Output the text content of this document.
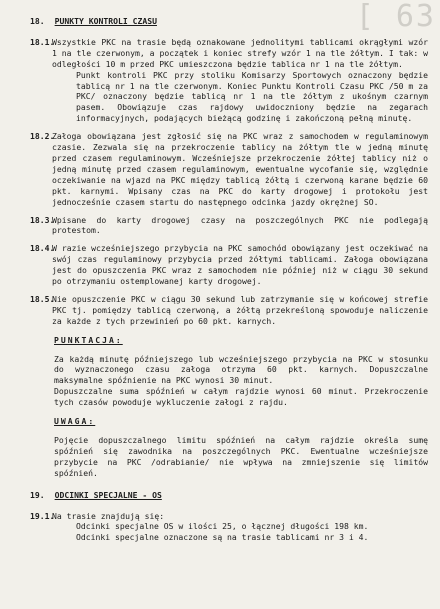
[ 63
18. PUNKTY KONTROLI CZASU
18.1.

Wszystkie PKC na trasie będą oznakowane jednolitymi tablicami okrągłymi wzór 1 na tle czerwonym, a początek i koniec strefy wzór 1 na tle żółtym. I tak: w odległości 10 m przed PKC umieszczona będzie tablica nr 1 na tle żółtym.

Punkt kontroli PKC przy stoliku Komisarzy Sportowych oznaczony będzie tablicą nr 1 na tle czerwonym. Koniec Punktu Kontroli Czasu PKC /50 m za PKC/ oznaczony będzie tablicą nr 1 na tle żółtym z ukośnym czarnym pasem. Obowiązuje czas rajdowy uwidoczniony będzie na zegarach informacyjnych, podających bieżącą godzinę i zakończoną pełną minutę.

18.2.

Załoga obowiązana jest zgłosić się na PKC wraz z samochodem w regulaminowym czasie. Zezwala się na przekroczenie tablicy na żółtym tle w jedną minutę przed czasem regulaminowym. Wcześniejsze przekroczenie żółtej tablicy niż o jedną minutę przed czasem regulaminowym, ewentualne wycofanie się, względnie oczekiwanie na wjazd na PKC między tablicą żółtą i czerwoną karane będzie 60 pkt. karnymi. Wpisany czas na PKC do karty drogowej i protokołu jest jednocześnie czasem startu do następnego odcinka jazdy okrężnej SO.

18.3.

Wpisane do karty drogowej czasy na poszczególnych PKC nie podlegają protestom.

18.4.

W razie wcześniejszego przybycia na PKC samochód obowiązany jest oczekiwać na swój czas regulaminowy przybycia przed żółtymi tablicami. Załoga obowiązana jest do opuszczenia PKC wraz z samochodem nie później niż w ciągu 30 sekund po otrzymaniu ostemplowanej karty drogowej.

18.5.

Nie opuszczenie PKC w ciągu 30 sekund lub zatrzymanie się w końcowej strefie PKC tj. pomiędzy tablicą czerwoną, a żółtą przekreśloną spowoduje naliczenie za każde z tych przewinień po 60 pkt. karnych.

PUNKTACJA:

Za każdą minutę późniejszego lub wcześniejszego przybycia na PKC w stosunku do wyznaczonego czasu załoga otrzyma 60 pkt. karnych. Dopuszczalne maksymalne spóźnienie na PKC wynosi 30 minut.

Dopuszczalne suma spóźnień w całym rajdzie wynosi 60 minut. Przekroczenie tych czasów powoduje wykluczenie załogi z rajdu.

UWAGA:

Pojęcie dopuszczalnego limitu spóźnień na całym rajdzie określa sumę spóźnień się zawodnika na poszczególnych PKC. Ewentualne wcześniejsze przybycie na PKC /odrabianie/ nie wpływa na zmniejszenie się limitów spóźnień.

19. ODCINKI SPECJALNE - OS
19.1.

Na trasie znajdują się:

Odcinki specjalne OS w ilości 25, o łącznej długości 198 km.

Odcinki specjalne oznaczone są na trasie tablicami nr 3 i 4.
